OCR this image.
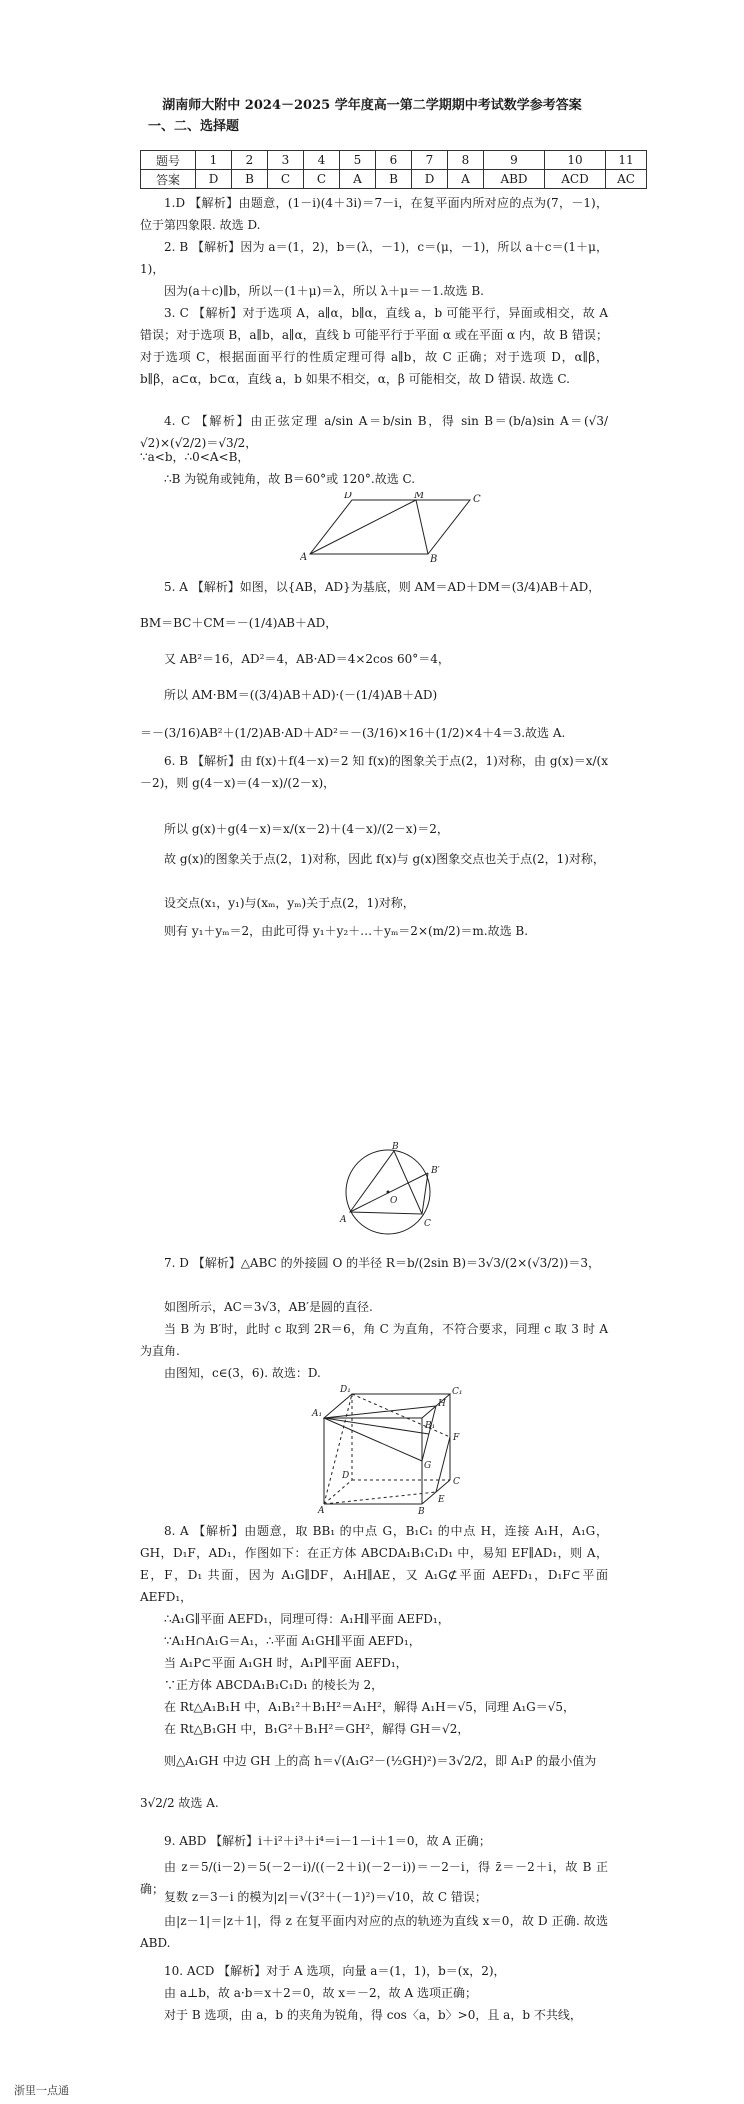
湖南师大附中 2024－2025 学年度高一第二学期期中考试数学参考答案
一、二、选择题
题号	1	2	3	4	5	6	7	8	9	10	11
答案	D	B	C	C	A	B	D	A	ABD	ACD	AC
1.D 【解析】由题意，(1－i)(4＋3i)＝7－i，在复平面内所对应的点为(7，－1)，位于第四象限. 故选 D.
2. B 【解析】因为 a＝(1，2)，b＝(λ，－1)，c＝(μ，－1)，所以 a＋c＝(1＋μ，1)，
因为(a＋c)∥b，所以－(1＋μ)＝λ，所以 λ＋μ＝－1.故选 B.
3. C 【解析】对于选项 A，a∥α，b∥α，直线 a，b 可能平行，异面或相交，故 A 错误；对于选项 B，a∥b，a∥α，直线 b 可能平行于平面 α 或在平面 α 内，故 B 错误；对于选项 C，根据面面平行的性质定理可得 a∥b，故 C 正确；对于选项 D，α∥β，b∥β，a⊂α，b⊂α，直线 a，b 如果不相交，α，β 可能相交，故 D 错误. 故选 C.
4. C 【解析】由正弦定理 a/sin A＝b/sin B，得 sin B＝(b/a)sin A＝(√3/√2)×(√2/2)＝√3/2，
∵a<b，∴0<A<B，
∴B 为锐角或钝角，故 B＝60°或 120°.故选 C.
A	B
C
D	M
5. A 【解析】如图，以{AB，AD}为基底，则 AM＝AD＋DM＝(3/4)AB＋AD，
BM＝BC＋CM＝－(1/4)AB＋AD，
又 AB²＝16，AD²＝4，AB·AD＝4×2cos 60°＝4，
所以 AM·BM＝((3/4)AB＋AD)·(－(1/4)AB＋AD)
＝－(3/16)AB²＋(1/2)AB·AD＋AD²＝－(3/16)×16＋(1/2)×4＋4＝3.故选 A.
6. B 【解析】由 f(x)＋f(4－x)＝2 知 f(x)的图象关于点(2，1)对称，由 g(x)＝x/(x－2)，则 g(4－x)＝(4－x)/(2－x)，
所以 g(x)＋g(4－x)＝x/(x－2)＋(4－x)/(2－x)＝2，
故 g(x)的图象关于点(2，1)对称，因此 f(x)与 g(x)图象交点也关于点(2，1)对称，
设交点(x₁，y₁)与(xₘ，yₘ)关于点(2，1)对称，
则有 y₁＋yₘ＝2，由此可得 y₁＋y₂＋…＋yₘ＝2×(m/2)＝m.故选 B.
A
B
B′
C
O
7. D 【解析】△ABC 的外接圆 O 的半径 R＝b/(2sin B)＝3√3/(2×(√3/2))＝3，
如图所示，AC＝3√3，AB′是圆的直径.
当 B 为 B′时，此时 c 取到 2R＝6，角 C 为直角，不符合要求，同理 c 取 3 时 A 为直角.
由图知，c∈(3，6). 故选：D.
A	B
C
D
A₁
B₁
C₁
D₁
E
F
G
H
8. A 【解析】由题意，取 BB₁ 的中点 G，B₁C₁ 的中点 H，连接 A₁H，A₁G，GH，D₁F，AD₁，作图如下：在正方体 ABCDA₁B₁C₁D₁ 中，易知 EF∥AD₁，则 A，E，F，D₁ 共面，因为 A₁G∥DF，A₁H∥AE，又 A₁G⊄平面 AEFD₁，D₁F⊂平面 AEFD₁，
∴A₁G∥平面 AEFD₁，同理可得：A₁H∥平面 AEFD₁，
∵A₁H∩A₁G＝A₁，∴平面 A₁GH∥平面 AEFD₁，
当 A₁P⊂平面 A₁GH 时，A₁P∥平面 AEFD₁，
∵正方体 ABCDA₁B₁C₁D₁ 的棱长为 2，
在 Rt△A₁B₁H 中，A₁B₁²＋B₁H²＝A₁H²，解得 A₁H＝√5，同理 A₁G＝√5，
在 Rt△B₁GH 中，B₁G²＋B₁H²＝GH²，解得 GH＝√2，
则△A₁GH 中边 GH 上的高 h＝√(A₁G²－(½GH)²)＝3√2/2，即 A₁P 的最小值为
3√2/2 故选 A.
9. ABD 【解析】i＋i²＋i³＋i⁴＝i－1－i＋1＝0，故 A 正确；
由 z＝5/(i－2)＝5(－2－i)/((－2＋i)(－2－i))＝－2－i，得 z̄＝－2＋i，故 B 正确；
复数 z＝3－i 的模为|z|＝√(3²＋(－1)²)＝√10，故 C 错误；
由|z－1|＝|z＋1|，得 z 在复平面内对应的点的轨迹为直线 x＝0，故 D 正确. 故选 ABD.
10. ACD 【解析】对于 A 选项，向量 a＝(1，1)，b＝(x，2)，
由 a⊥b，故 a·b＝x＋2＝0，故 x＝－2，故 A 选项正确；
对于 B 选项，由 a，b 的夹角为锐角，得 cos〈a，b〉>0，且 a，b 不共线，
浙里一点通
